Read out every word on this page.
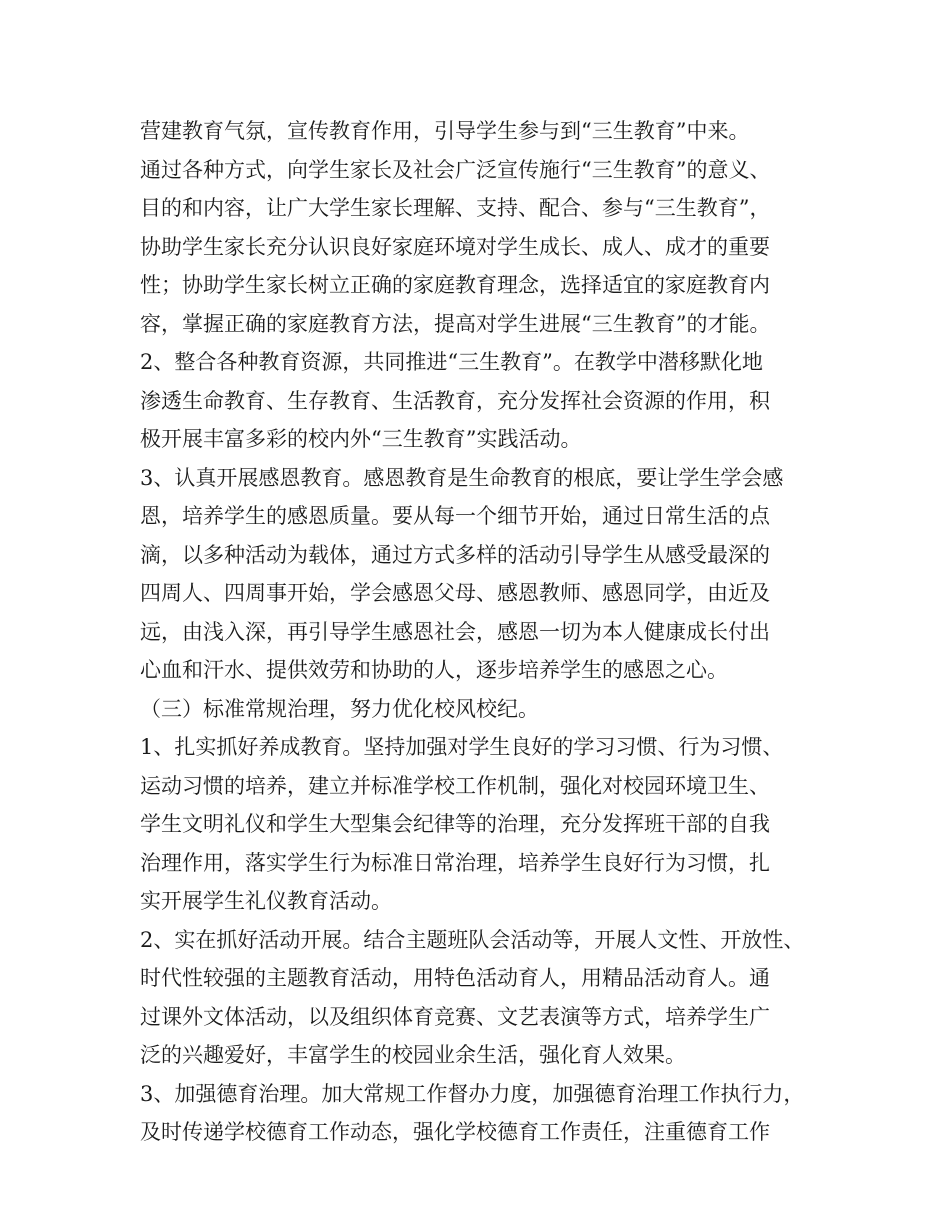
营建教育气氛，宣传教育作用，引导学生参与到“三生教育”中来。
通过各种方式，向学生家长及社会广泛宣传施行“三生教育”的意义、
目的和内容，让广大学生家长理解、支持、配合、参与“三生教育”，
协助学生家长充分认识良好家庭环境对学生成长、成人、成才的重要
性；协助学生家长树立正确的家庭教育理念，选择适宜的家庭教育内
容，掌握正确的家庭教育方法，提高对学生进展“三生教育”的才能。
2、整合各种教育资源，共同推进“三生教育”。在教学中潜移默化地
渗透生命教育、生存教育、生活教育，充分发挥社会资源的作用，积
极开展丰富多彩的校内外“三生教育”实践活动。
3、认真开展感恩教育。感恩教育是生命教育的根底，要让学生学会感
恩，培养学生的感恩质量。要从每一个细节开始，通过日常生活的点
滴，以多种活动为载体，通过方式多样的活动引导学生从感受最深的
四周人、四周事开始，学会感恩父母、感恩教师、感恩同学，由近及
远，由浅入深，再引导学生感恩社会，感恩一切为本人健康成长付出
心血和汗水、提供效劳和协助的人，逐步培养学生的感恩之心。
（三）标准常规治理，努力优化校风校纪。
1、扎实抓好养成教育。坚持加强对学生良好的学习习惯、行为习惯、
运动习惯的培养，建立并标准学校工作机制，强化对校园环境卫生、
学生文明礼仪和学生大型集会纪律等的治理，充分发挥班干部的自我
治理作用，落实学生行为标准日常治理，培养学生良好行为习惯，扎
实开展学生礼仪教育活动。
2、实在抓好活动开展。结合主题班队会活动等，开展人文性、开放性、
时代性较强的主题教育活动，用特色活动育人，用精品活动育人。通
过课外文体活动，以及组织体育竞赛、文艺表演等方式，培养学生广
泛的兴趣爱好，丰富学生的校园业余生活，强化育人效果。
3、加强德育治理。加大常规工作督办力度，加强德育治理工作执行力，
及时传递学校德育工作动态，强化学校德育工作责任，注重德育工作
